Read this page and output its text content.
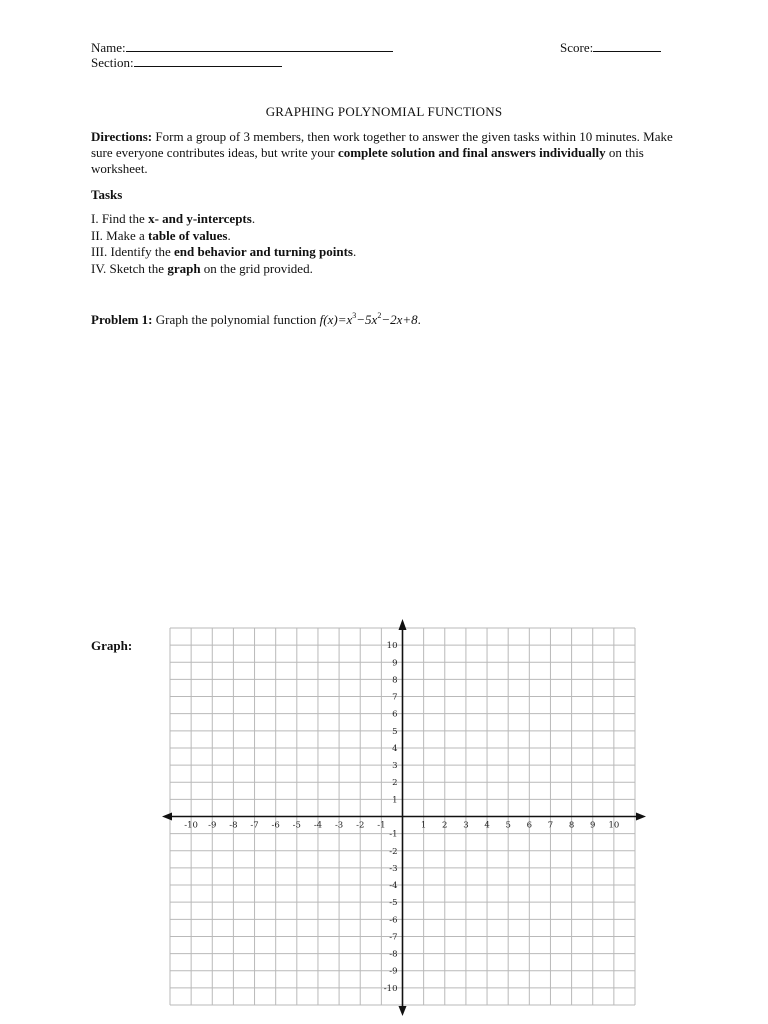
Name:
Section:
Score:
GRAPHING POLYNOMIAL FUNCTIONS
Directions: Form a group of 3 members, then work together to answer the given tasks within 10 minutes. Make sure everyone contributes ideas, but write your complete solution and final answers individually on this worksheet.
Tasks
I. Find the x- and y-intercepts.
II. Make a table of values.
III. Identify the end behavior and turning points.
IV. Sketch the graph on the grid provided.
Problem 1: Graph the polynomial function $f(x)=x^3-5x^2-2x+8$.
Graph:
-10 -9 -8 -7 -6 -5 -4 -3 -2 -1	1 2 3 4 5 6 7 8 9 10
10
9
8
7
6
5
4
3
2
1
-1
-2
-3
-4
-5
-6
-7
-8
-9
-10
